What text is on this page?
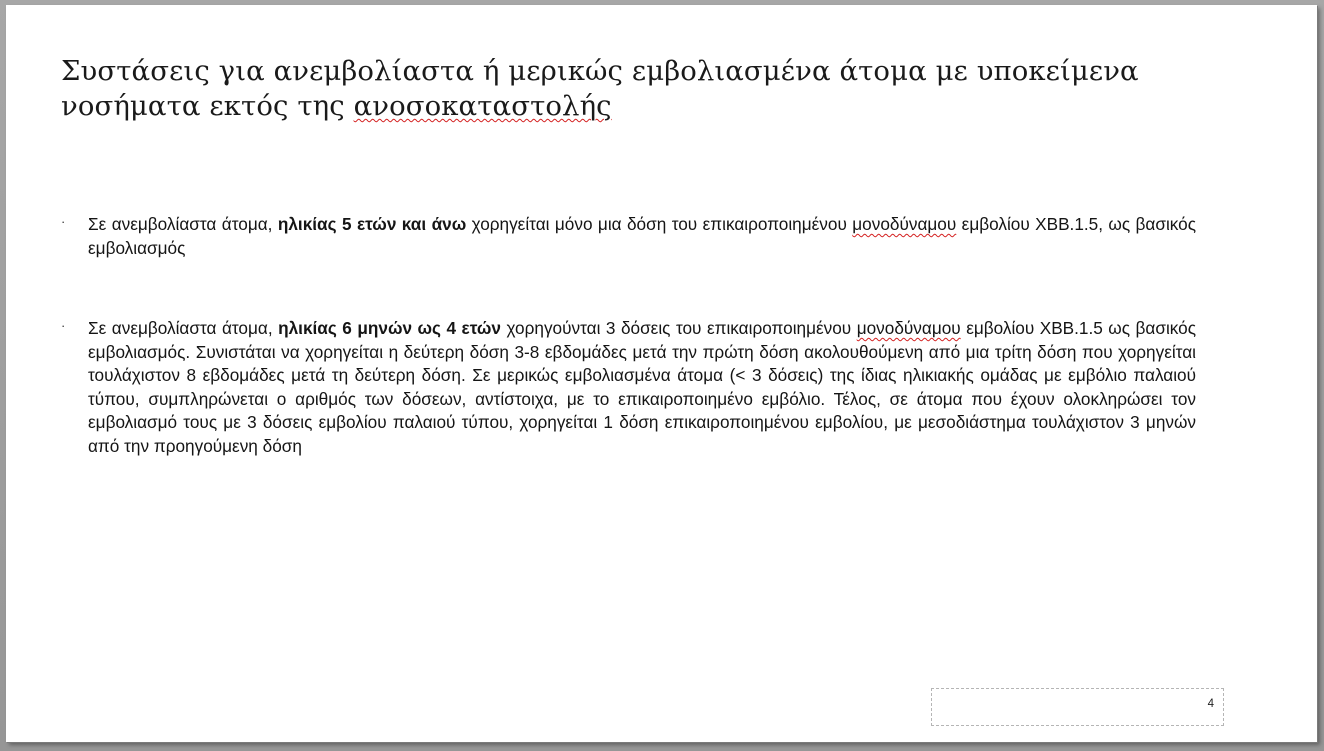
Συστάσεις για ανεμβολίαστα ή μερικώς εμβολιασμένα άτομα με υποκείμενα νοσήματα εκτός της ανοσοκαταστολής
· Σε ανεμβολίαστα άτομα, ηλικίας 5 ετών και άνω χορηγείται μόνο μια δόση του επικαιροποιημένου μονοδύναμου εμβολίου XBB.1.5, ως βασικός εμβολιασμός
· Σε ανεμβολίαστα άτομα, ηλικίας 6 μηνών ως 4 ετών χορηγούνται 3 δόσεις του επικαιροποιημένου μονοδύναμου εμβολίου XBB.1.5 ως βασικός εμβολιασμός. Συνιστάται να χορηγείται η δεύτερη δόση 3-8 εβδομάδες μετά την πρώτη δόση ακολουθούμενη από μια τρίτη δόση που χορηγείται τουλάχιστον 8 εβδομάδες μετά τη δεύτερη δόση. Σε μερικώς εμβολιασμένα άτομα (< 3 δόσεις) της ίδιας ηλικιακής ομάδας με εμβόλιο παλαιού τύπου, συμπληρώνεται ο αριθμός των δόσεων, αντίστοιχα, με το επικαιροποιημένο εμβόλιο. Τέλος, σε άτομα που έχουν ολοκληρώσει τον εμβολιασμό τους με 3 δόσεις εμβολίου παλαιού τύπου, χορηγείται 1 δόση επικαιροποιημένου εμβολίου, με μεσοδιάστημα τουλάχιστον 3 μηνών από την προηγούμενη δόση
4
